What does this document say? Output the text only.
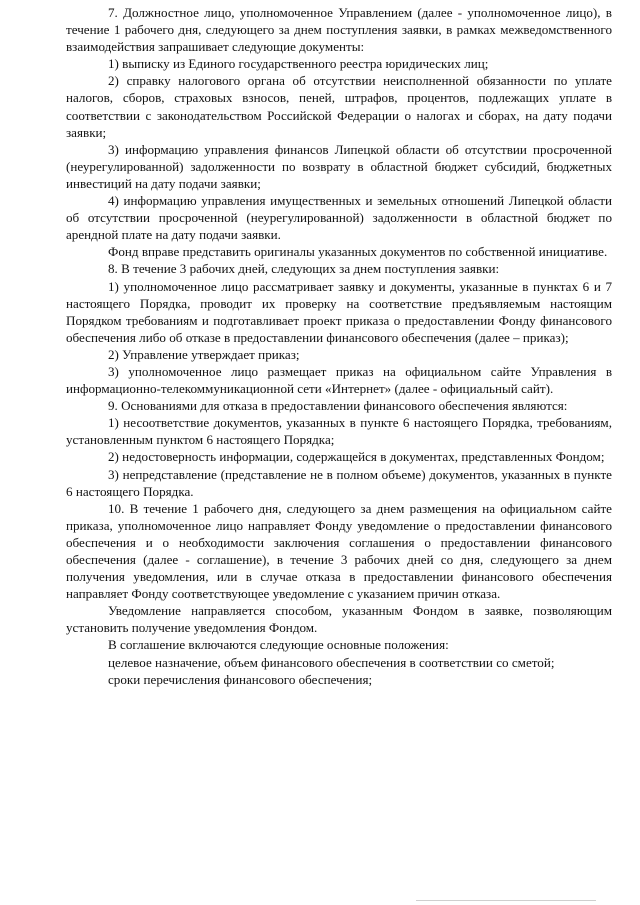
7. Должностное лицо, уполномоченное Управлением (далее - уполномоченное лицо), в течение 1 рабочего дня, следующего за днем поступления заявки, в рамках межведомственного взаимодействия запрашивает следующие документы:

1) выписку из Единого государственного реестра юридических лиц;

2) справку налогового органа об отсутствии неисполненной обязанности по уплате налогов, сборов, страховых взносов, пеней, штрафов, процентов, подлежащих уплате в соответствии с законодательством Российской Федерации о налогах и сборах, на дату подачи заявки;

3) информацию управления финансов Липецкой области об отсутствии просроченной (неурегулированной) задолженности по возврату в областной бюджет субсидий, бюджетных инвестиций на дату подачи заявки;

4) информацию управления имущественных и земельных отношений Липецкой области об отсутствии просроченной (неурегулированной) задолженности в областной бюджет по арендной плате на дату подачи заявки.

Фонд вправе представить оригиналы указанных документов по собственной инициативе.

8. В течение 3 рабочих дней, следующих за днем поступления заявки:

1) уполномоченное лицо рассматривает заявку и документы, указанные в пунктах 6 и 7 настоящего Порядка, проводит их проверку на соответствие предъявляемым настоящим Порядком требованиям и подготавливает проект приказа о предоставлении Фонду финансового обеспечения либо об отказе в предоставлении финансового обеспечения (далее – приказ);

2) Управление утверждает приказ;

3) уполномоченное лицо размещает приказ на официальном сайте Управления в информационно-телекоммуникационной сети «Интернет» (далее - официальный сайт).

9. Основаниями для отказа в предоставлении финансового обеспечения являются:

1) несоответствие документов, указанных в пункте 6 настоящего Порядка, требованиям, установленным пунктом 6 настоящего Порядка;

2) недостоверность информации, содержащейся в документах, представленных Фондом;

3) непредставление (представление не в полном объеме) документов, указанных в пункте 6 настоящего Порядка.

10. В течение 1 рабочего дня, следующего за днем размещения на официальном сайте приказа, уполномоченное лицо направляет Фонду уведомление о предоставлении финансового обеспечения и о необходимости заключения соглашения о предоставлении финансового обеспечения (далее - соглашение), в течение 3 рабочих дней со дня, следующего за днем получения уведомления, или в случае отказа в предоставлении финансового обеспечения направляет Фонду соответствующее уведомление с указанием причин отказа.

Уведомление направляется способом, указанным Фондом в заявке, позволяющим установить получение уведомления Фондом.

В соглашение включаются следующие основные положения:

целевое назначение, объем финансового обеспечения в соответствии со сметой;

сроки перечисления финансового обеспечения;
